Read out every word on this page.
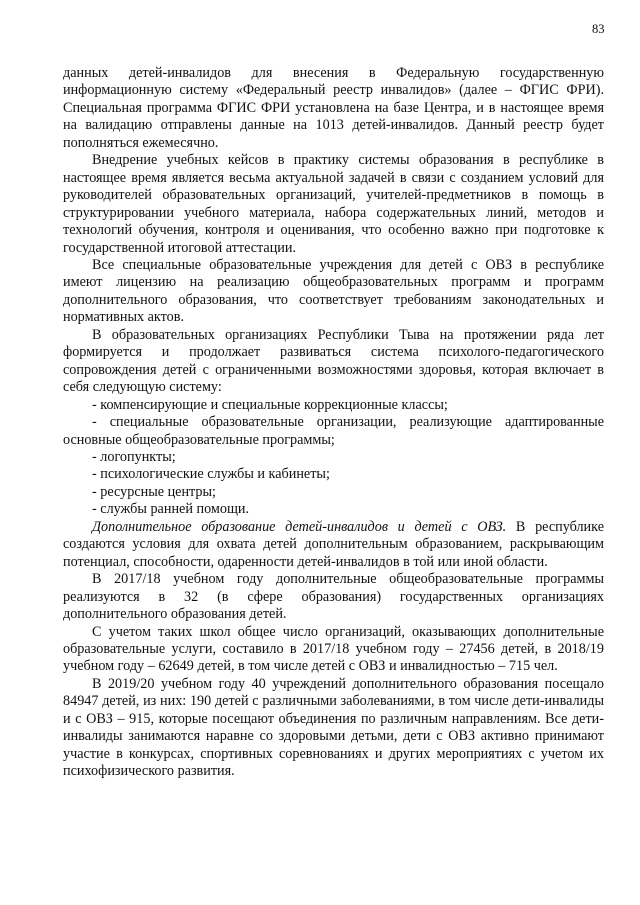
83

данных детей-инвалидов для внесения в Федеральную государственную информационную систему «Федеральный реестр инвалидов» (далее – ФГИС ФРИ). Специальная программа ФГИС ФРИ установлена на базе Центра, и в настоящее время на валидацию отправлены данные на 1013 детей-инвалидов. Данный реестр будет пополняться ежемесячно.

Внедрение учебных кейсов в практику системы образования в республике в настоящее время является весьма актуальной задачей в связи с созданием условий для руководителей образовательных организаций, учителей-предметников в помощь в структурировании учебного материала, набора содержательных линий, методов и технологий обучения, контроля и оценивания, что особенно важно при подготовке к государственной итоговой аттестации.

Все специальные образовательные учреждения для детей с ОВЗ в республике имеют лицензию на реализацию общеобразовательных программ и программ дополнительного образования, что соответствует требованиям законодательных и нормативных актов.

В образовательных организациях Республики Тыва на протяжении ряда лет формируется и продолжает развиваться система психолого-педагогического сопровождения детей с ограниченными возможностями здоровья, которая включает в себя следующую систему:

- компенсирующие и специальные коррекционные классы;

- специальные образовательные организации, реализующие адаптированные основные общеобразовательные программы;

- логопункты;

- психологические службы и кабинеты;

- ресурсные центры;

- службы ранней помощи.

Дополнительное образование детей-инвалидов и детей с ОВЗ. В республике создаются условия для охвата детей дополнительным образованием, раскрывающим потенциал, способности, одаренности детей-инвалидов в той или иной области.

В 2017/18 учебном году дополнительные общеобразовательные программы реализуются в 32 (в сфере образования) государственных организациях дополнительного образования детей.

С учетом таких школ общее число организаций, оказывающих дополнительные образовательные услуги, составило в 2017/18 учебном году – 27456 детей, в 2018/19 учебном году – 62649 детей, в том числе детей с ОВЗ и инвалидностью – 715 чел.

В 2019/20 учебном году 40 учреждений дополнительного образования посещало 84947 детей, из них: 190 детей с различными заболеваниями, в том числе дети-инвалиды и с ОВЗ – 915, которые посещают объединения по различным направлениям. Все дети-инвалиды занимаются наравне со здоровыми детьми, дети с ОВЗ активно принимают участие в конкурсах, спортивных соревнованиях и других мероприятиях с учетом их психофизического развития.
